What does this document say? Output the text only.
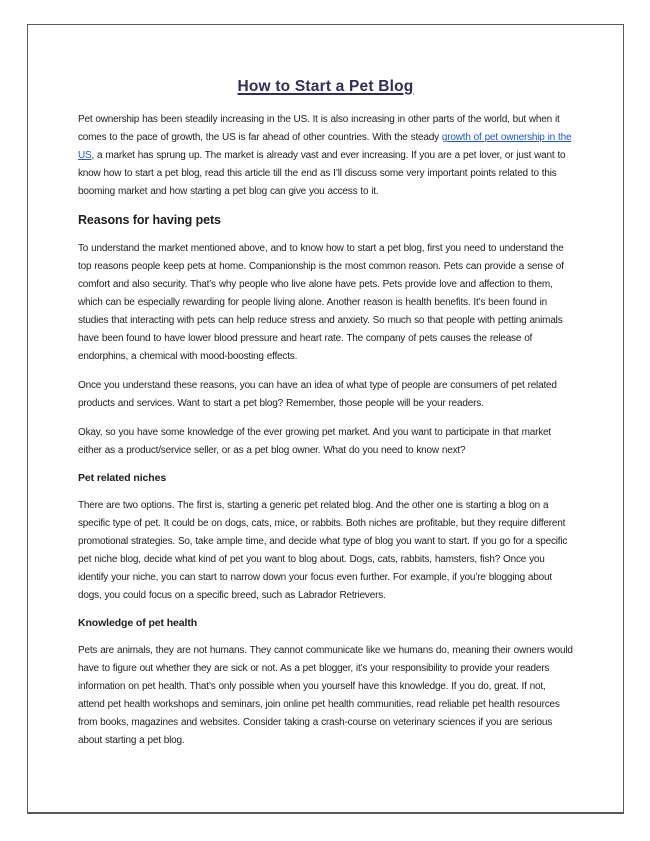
How to Start a Pet Blog

Pet ownership has been steadily increasing in the US. It is also increasing in other parts of the world, but when it comes to the pace of growth, the US is far ahead of other countries. With the steady growth of pet ownership in the US, a market has sprung up. The market is already vast and ever increasing. If you are a pet lover, or just want to know how to start a pet blog, read this article till the end as I’ll discuss some very important points related to this booming market and how starting a pet blog can give you access to it.

Reasons for having pets

To understand the market mentioned above, and to know how to start a pet blog, first you need to understand the top reasons people keep pets at home. Companionship is the most common reason. Pets can provide a sense of comfort and also security. That’s why people who live alone have pets. Pets provide love and affection to them, which can be especially rewarding for people living alone. Another reason is health benefits. It’s been found in studies that interacting with pets can help reduce stress and anxiety. So much so that people with petting animals have been found to have lower blood pressure and heart rate. The company of pets causes the release of endorphins, a chemical with mood-boosting effects.

Once you understand these reasons, you can have an idea of what type of people are consumers of pet related products and services. Want to start a pet blog? Remember, those people will be your readers.

Okay, so you have some knowledge of the ever growing pet market. And you want to participate in that market either as a product/service seller, or as a pet blog owner. What do you need to know next?

Pet related niches

There are two options. The first is, starting a generic pet related blog. And the other one is starting a blog on a specific type of pet. It could be on dogs, cats, mice, or rabbits. Both niches are profitable, but they require different promotional strategies. So, take ample time, and decide what type of blog you want to start. If you go for a specific pet niche blog, decide what kind of pet you want to blog about. Dogs, cats, rabbits, hamsters, fish? Once you identify your niche, you can start to narrow down your focus even further. For example, if you’re blogging about dogs, you could focus on a specific breed, such as Labrador Retrievers.

Knowledge of pet health

Pets are animals, they are not humans. They cannot communicate like we humans do, meaning their owners would have to figure out whether they are sick or not. As a pet blogger, it’s your responsibility to provide your readers information on pet health. That’s only possible when you yourself have this knowledge. If you do, great. If not, attend pet health workshops and seminars, join online pet health communities, read reliable pet health resources from books, magazines and websites. Consider taking a crash-course on veterinary sciences if you are serious about starting a pet blog.
